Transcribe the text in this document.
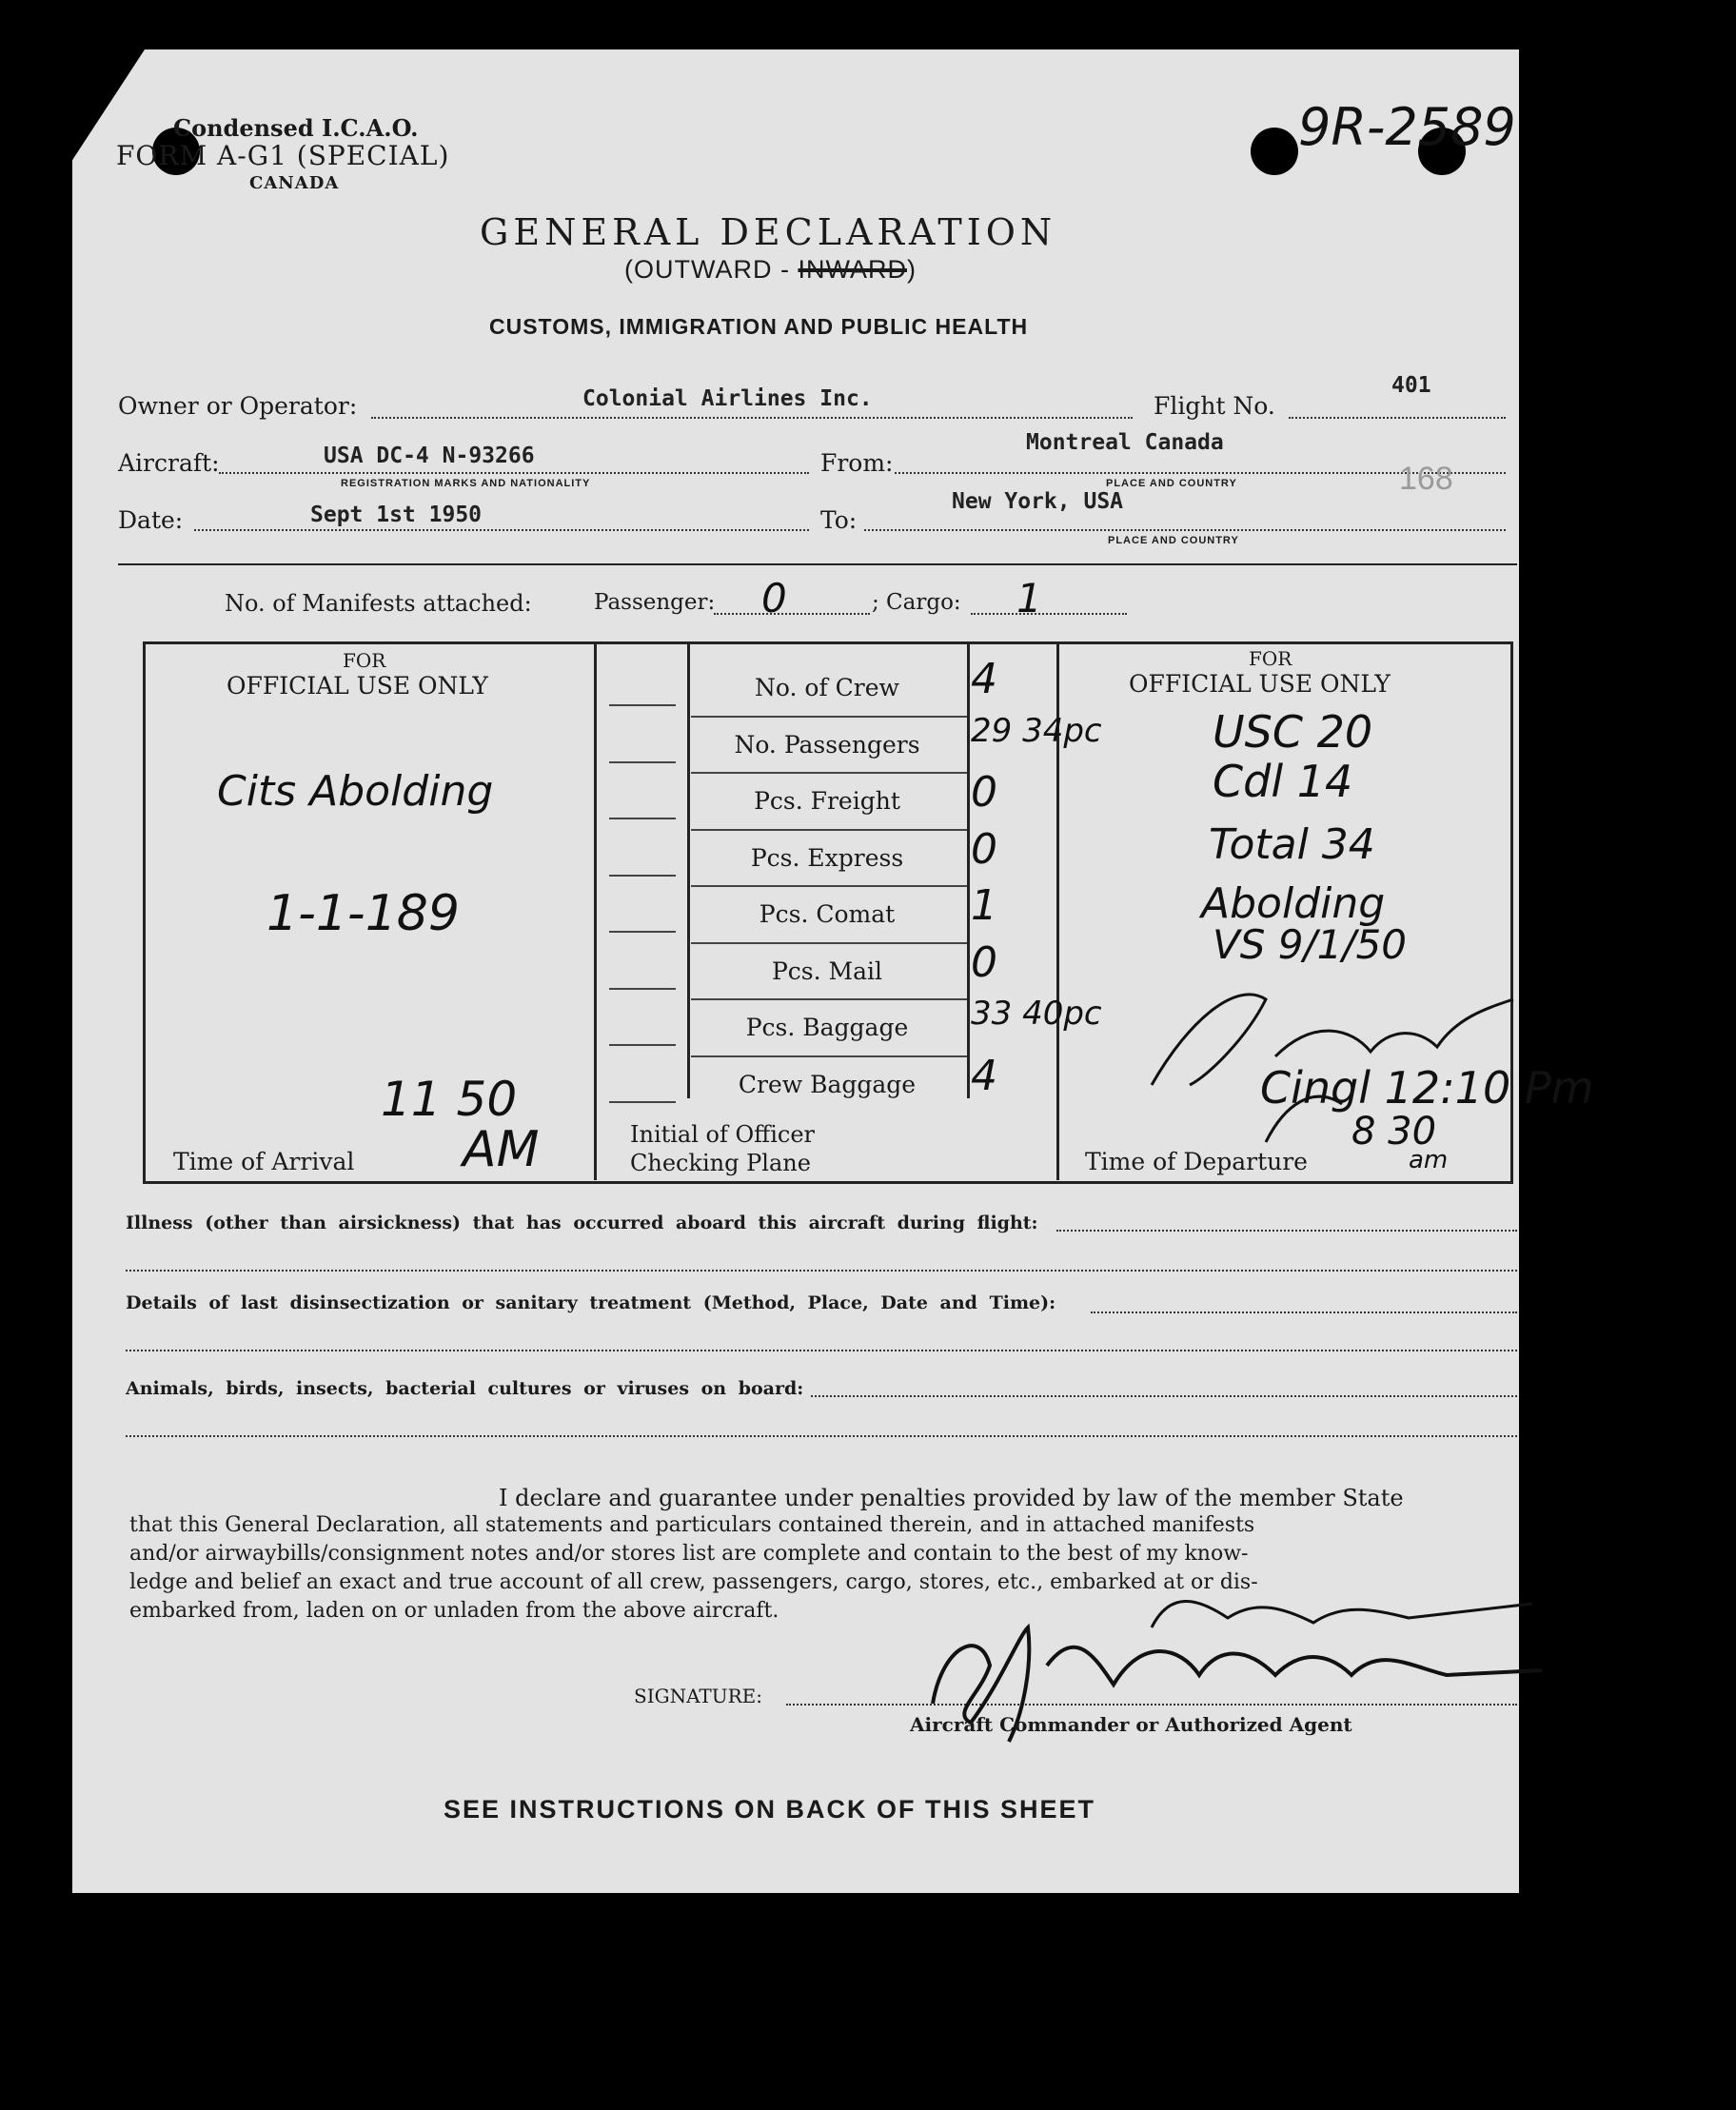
Condensed I.C.A.O.
FORM A-G1 (SPECIAL)
CANADA
9R-2589
GENERAL DECLARATION
(OUTWARD - INWARD)
CUSTOMS, IMMIGRATION AND PUBLIC HEALTH
Owner or Operator:	Colonial Airlines Inc.	Flight No.
401
Aircraft:	USA DC-4 N-93266
REGISTRATION MARKS AND NATIONALITY
From:
Montreal Canada
PLACE AND COUNTRY	168
Date:	Sept 1st 1950	To:
New York, USA
PLACE AND COUNTRY
No. of Manifests attached:	Passenger: 0	; Cargo: 1
FOR
OFFICIAL USE ONLY
Cits Abolding
1-1-189
Time of Arrival
11 50
AM	Initial of Officer
Checking Plane
No. of Crew	4
No. Passengers	29 34pc
Pcs. Freight	0
Pcs. Express	0
Pcs. Comat	1
Pcs. Mail	0
Pcs. Baggage	33 40pc
Crew Baggage	4
FOR
OFFICIAL USE ONLY
USC 20
Cdl 14
Total 34
Abolding
VS 9/1/50
Cingl 12:10 Pm
Time of Departure
8 30
am
Illness (other than airsickness) that has occurred aboard this aircraft during flight:
Details of last disinsectization or sanitary treatment (Method, Place, Date and Time):
Animals, birds, insects, bacterial cultures or viruses on board:
I declare and guarantee under penalties provided by law of the member State
that this General Declaration, all statements and particulars contained therein, and in attached manifests
and/or airwaybills/consignment notes and/or stores list are complete and contain to the best of my know-
ledge and belief an exact and true account of all crew, passengers, cargo, stores, etc., embarked at or dis-
embarked from, laden on or unladen from the above aircraft.
SIGNATURE:
Aircraft Commander or Authorized Agent
SEE INSTRUCTIONS ON BACK OF THIS SHEET
